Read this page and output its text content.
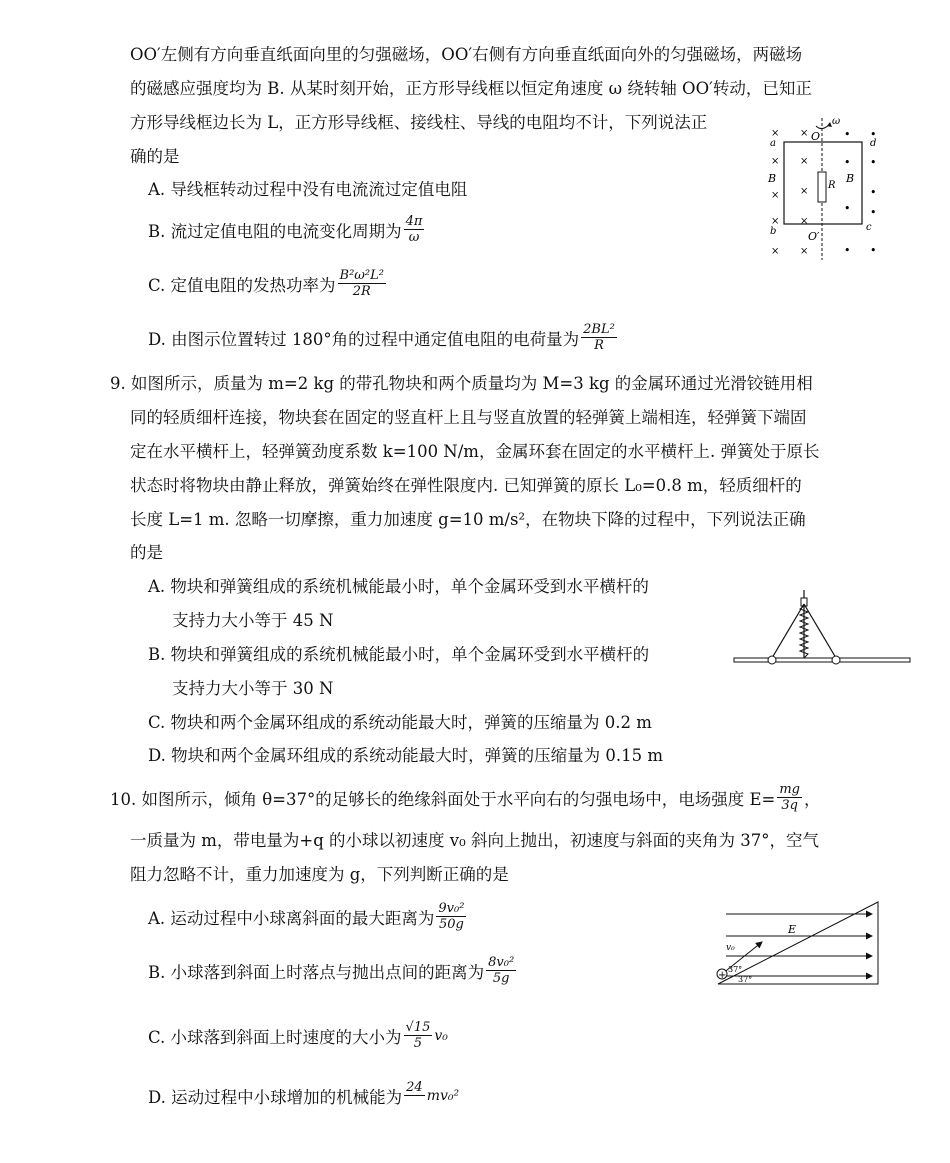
OO′左侧有方向垂直纸面向里的匀强磁场，OO′右侧有方向垂直纸面向外的匀强磁场，两磁场
的磁感应强度均为 B. 从某时刻开始，正方形导线框以恒定角速度 ω 绕转轴 OO′转动，已知正
方形导线框边长为 L，正方形导线框、接线柱、导线的电阻均不计，下列说法正
确的是
A. 导线框转动过程中没有电流流过定值电阻
B. 流过定值电阻的电流变化周期为 $\frac{4\pi}{\omega}$
C. 定值电阻的发热功率为 $\frac{\text{B²ω²L²}}{2R}$
D. 由图示位置转过 180°角的过程中通定值电阻的电荷量为 $\frac{\text{2BL²}}{R}$
ω
O
O′
a
b	c
d
B	B
R
× ×
×
×
×
×
×
×
× ×
• •
• •
•
• •
• •
9. 如图所示，质量为 m=2 kg 的带孔物块和两个质量均为 M=3 kg 的金属环通过光滑铰链用相
同的轻质细杆连接，物块套在固定的竖直杆上且与竖直放置的轻弹簧上端相连，轻弹簧下端固
定在水平横杆上，轻弹簧劲度系数 k=100 N/m，金属环套在固定的水平横杆上. 弹簧处于原长
状态时将物块由静止释放，弹簧始终在弹性限度内. 已知弹簧的原长 L₀=0.8 m，轻质细杆的
长度 L=1 m. 忽略一切摩擦，重力加速度 g=10 m/s²，在物块下降的过程中，下列说法正确
的是
A. 物块和弹簧组成的系统机械能最小时，单个金属环受到水平横杆的
支持力大小等于 45 N
B. 物块和弹簧组成的系统机械能最小时，单个金属环受到水平横杆的
支持力大小等于 30 N
C. 物块和两个金属环组成的系统动能最大时，弹簧的压缩量为 0.2 m
D. 物块和两个金属环组成的系统动能最大时，弹簧的压缩量为 0.15 m
10. 如图所示，倾角 θ=37°的足够长的绝缘斜面处于水平向右的匀强电场中，电场强度 $E= \frac{mg}{3q}$ ，
一质量为 m，带电量为+q 的小球以初速度 v₀ 斜向上抛出，初速度与斜面的夹角为 37°，空气
阻力忽略不计，重力加速度为 g，下列判断正确的是
A. 运动过程中小球离斜面的最大距离为 $\frac{\text{9v₀²}}{50g}$
B. 小球落到斜面上时落点与抛出点间的距离为 $\frac{\text{8v₀²}}{5g}$
C. 小球落到斜面上时速度的大小为 $\frac{√15}{5} v_0$
D. 运动过程中小球增加的机械能为 24
mv₀²
+
E
v₀
37°
37°
